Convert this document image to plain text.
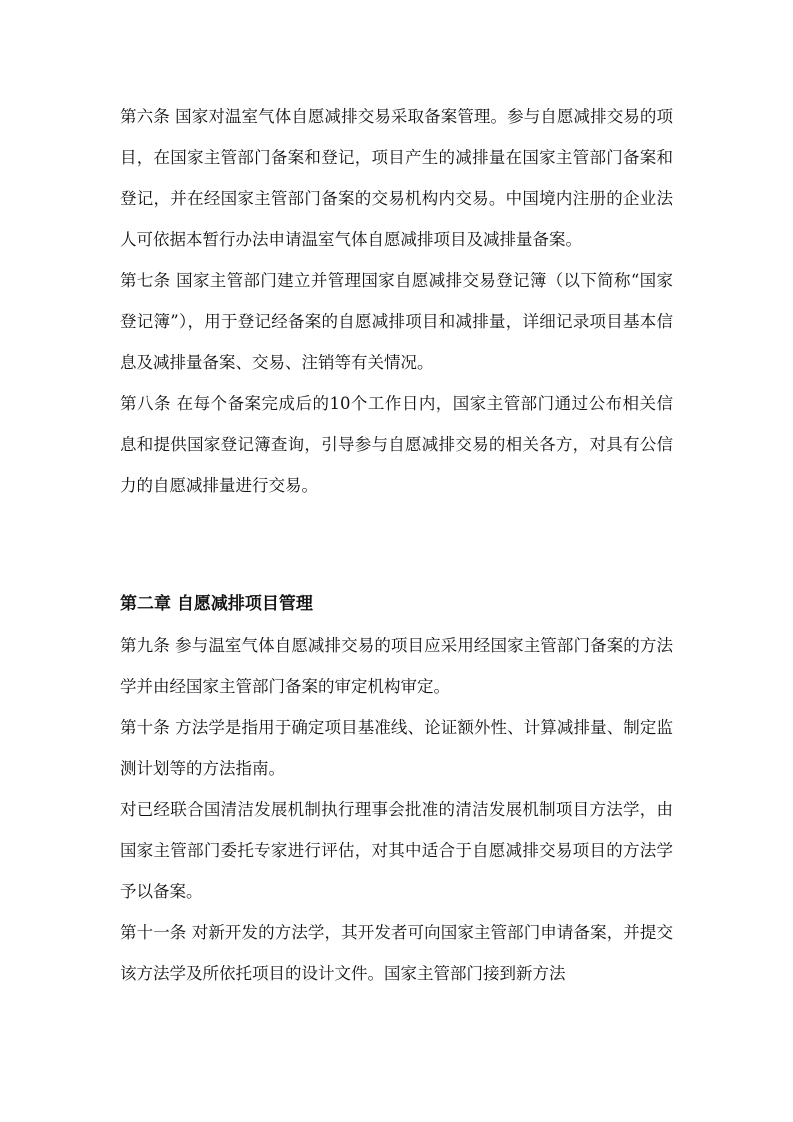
第六条 国家对温室气体自愿减排交易采取备案管理。参与自愿减排交易的项目，在国家主管部门备案和登记，项目产生的减排量在国家主管部门备案和登记，并在经国家主管部门备案的交易机构内交易。中国境内注册的企业法人可依据本暂行办法申请温室气体自愿减排项目及减排量备案。

第七条 国家主管部门建立并管理国家自愿减排交易登记簿（以下简称“国家登记簿”），用于登记经备案的自愿减排项目和减排量，详细记录项目基本信息及减排量备案、交易、注销等有关情况。

第八条 在每个备案完成后的10个工作日内，国家主管部门通过公布相关信息和提供国家登记簿查询，引导参与自愿减排交易的相关各方，对具有公信力的自愿减排量进行交易。

第二章 自愿减排项目管理

第九条 参与温室气体自愿减排交易的项目应采用经国家主管部门备案的方法学并由经国家主管部门备案的审定机构审定。

第十条 方法学是指用于确定项目基准线、论证额外性、计算减排量、制定监测计划等的方法指南。

对已经联合国清洁发展机制执行理事会批准的清洁发展机制项目方法学，由国家主管部门委托专家进行评估，对其中适合于自愿减排交易项目的方法学予以备案。

第十一条 对新开发的方法学，其开发者可向国家主管部门申请备案，并提交该方法学及所依托项目的设计文件。国家主管部门接到新方法
